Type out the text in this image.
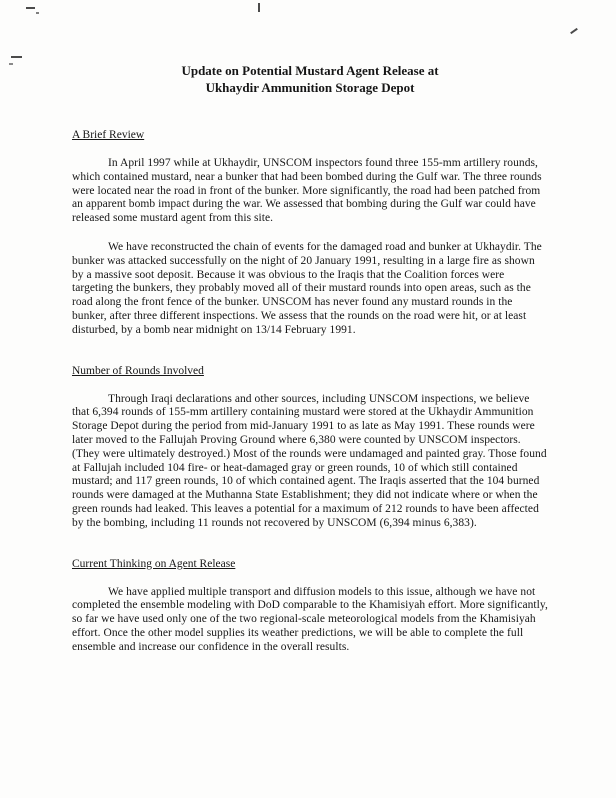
Update on Potential Mustard Agent Release at
Ukhaydir Ammunition Storage Depot
A Brief Review

In April 1997 while at Ukhaydir, UNSCOM inspectors found three 155-mm artillery rounds, which contained mustard, near a bunker that had been bombed during the Gulf war. The three rounds were located near the road in front of the bunker. More significantly, the road had been patched from an apparent bomb impact during the war. We assessed that bombing during the Gulf war could have released some mustard agent from this site.

We have reconstructed the chain of events for the damaged road and bunker at Ukhaydir. The bunker was attacked successfully on the night of 20 January 1991, resulting in a large fire as shown by a massive soot deposit. Because it was obvious to the Iraqis that the Coalition forces were targeting the bunkers, they probably moved all of their mustard rounds into open areas, such as the road along the front fence of the bunker. UNSCOM has never found any mustard rounds in the bunker, after three different inspections. We assess that the rounds on the road were hit, or at least disturbed, by a bomb near midnight on 13/14 February 1991.

Number of Rounds Involved

Through Iraqi declarations and other sources, including UNSCOM inspections, we believe that 6,394 rounds of 155-mm artillery containing mustard were stored at the Ukhaydir Ammunition Storage Depot during the period from mid-January 1991 to as late as May 1991. These rounds were later moved to the Fallujah Proving Ground where 6,380 were counted by UNSCOM inspectors. (They were ultimately destroyed.) Most of the rounds were undamaged and painted gray. Those found at Fallujah included 104 fire- or heat-damaged gray or green rounds, 10 of which still contained mustard; and 117 green rounds, 10 of which contained agent. The Iraqis asserted that the 104 burned rounds were damaged at the Muthanna State Establishment; they did not indicate where or when the green rounds had leaked. This leaves a potential for a maximum of 212 rounds to have been affected by the bombing, including 11 rounds not recovered by UNSCOM (6,394 minus 6,383).

Current Thinking on Agent Release

We have applied multiple transport and diffusion models to this issue, although we have not completed the ensemble modeling with DoD comparable to the Khamisiyah effort. More significantly, so far we have used only one of the two regional-scale meteorological models from the Khamisiyah effort. Once the other model supplies its weather predictions, we will be able to complete the full ensemble and increase our confidence in the overall results.
